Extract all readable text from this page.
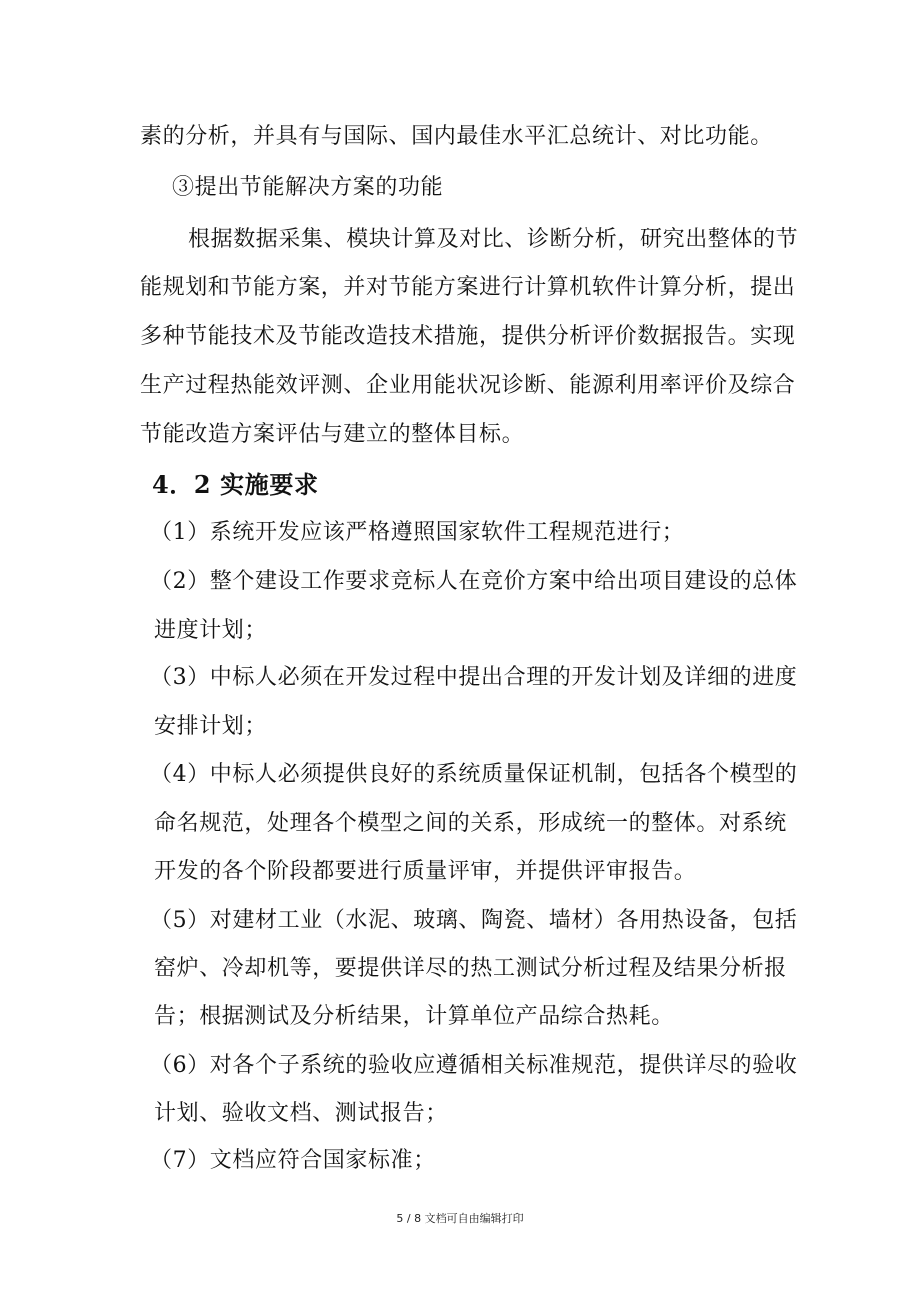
素的分析，并具有与国际、国内最佳水平汇总统计、对比功能。
③提出节能解决方案的功能
根据数据采集、模块计算及对比、诊断分析，研究出整体的节
能规划和节能方案，并对节能方案进行计算机软件计算分析，提出
多种节能技术及节能改造技术措施，提供分析评价数据报告。实现
生产过程热能效评测、企业用能状况诊断、能源利用率评价及综合
节能改造方案评估与建立的整体目标。
4．2 实施要求
（1）系统开发应该严格遵照国家软件工程规范进行；
（2）整个建设工作要求竞标人在竞价方案中给出项目建设的总体
进度计划；
（3）中标人必须在开发过程中提出合理的开发计划及详细的进度
安排计划；
（4）中标人必须提供良好的系统质量保证机制，包括各个模型的
命名规范，处理各个模型之间的关系，形成统一的整体。对系统
开发的各个阶段都要进行质量评审，并提供评审报告。
（5）对建材工业（水泥、玻璃、陶瓷、墙材）各用热设备，包括
窑炉、冷却机等，要提供详尽的热工测试分析过程及结果分析报
告；根据测试及分析结果，计算单位产品综合热耗。
（6）对各个子系统的验收应遵循相关标准规范，提供详尽的验收
计划、验收文档、测试报告；
（7）文档应符合国家标准；
5 / 8 文档可自由编辑打印
